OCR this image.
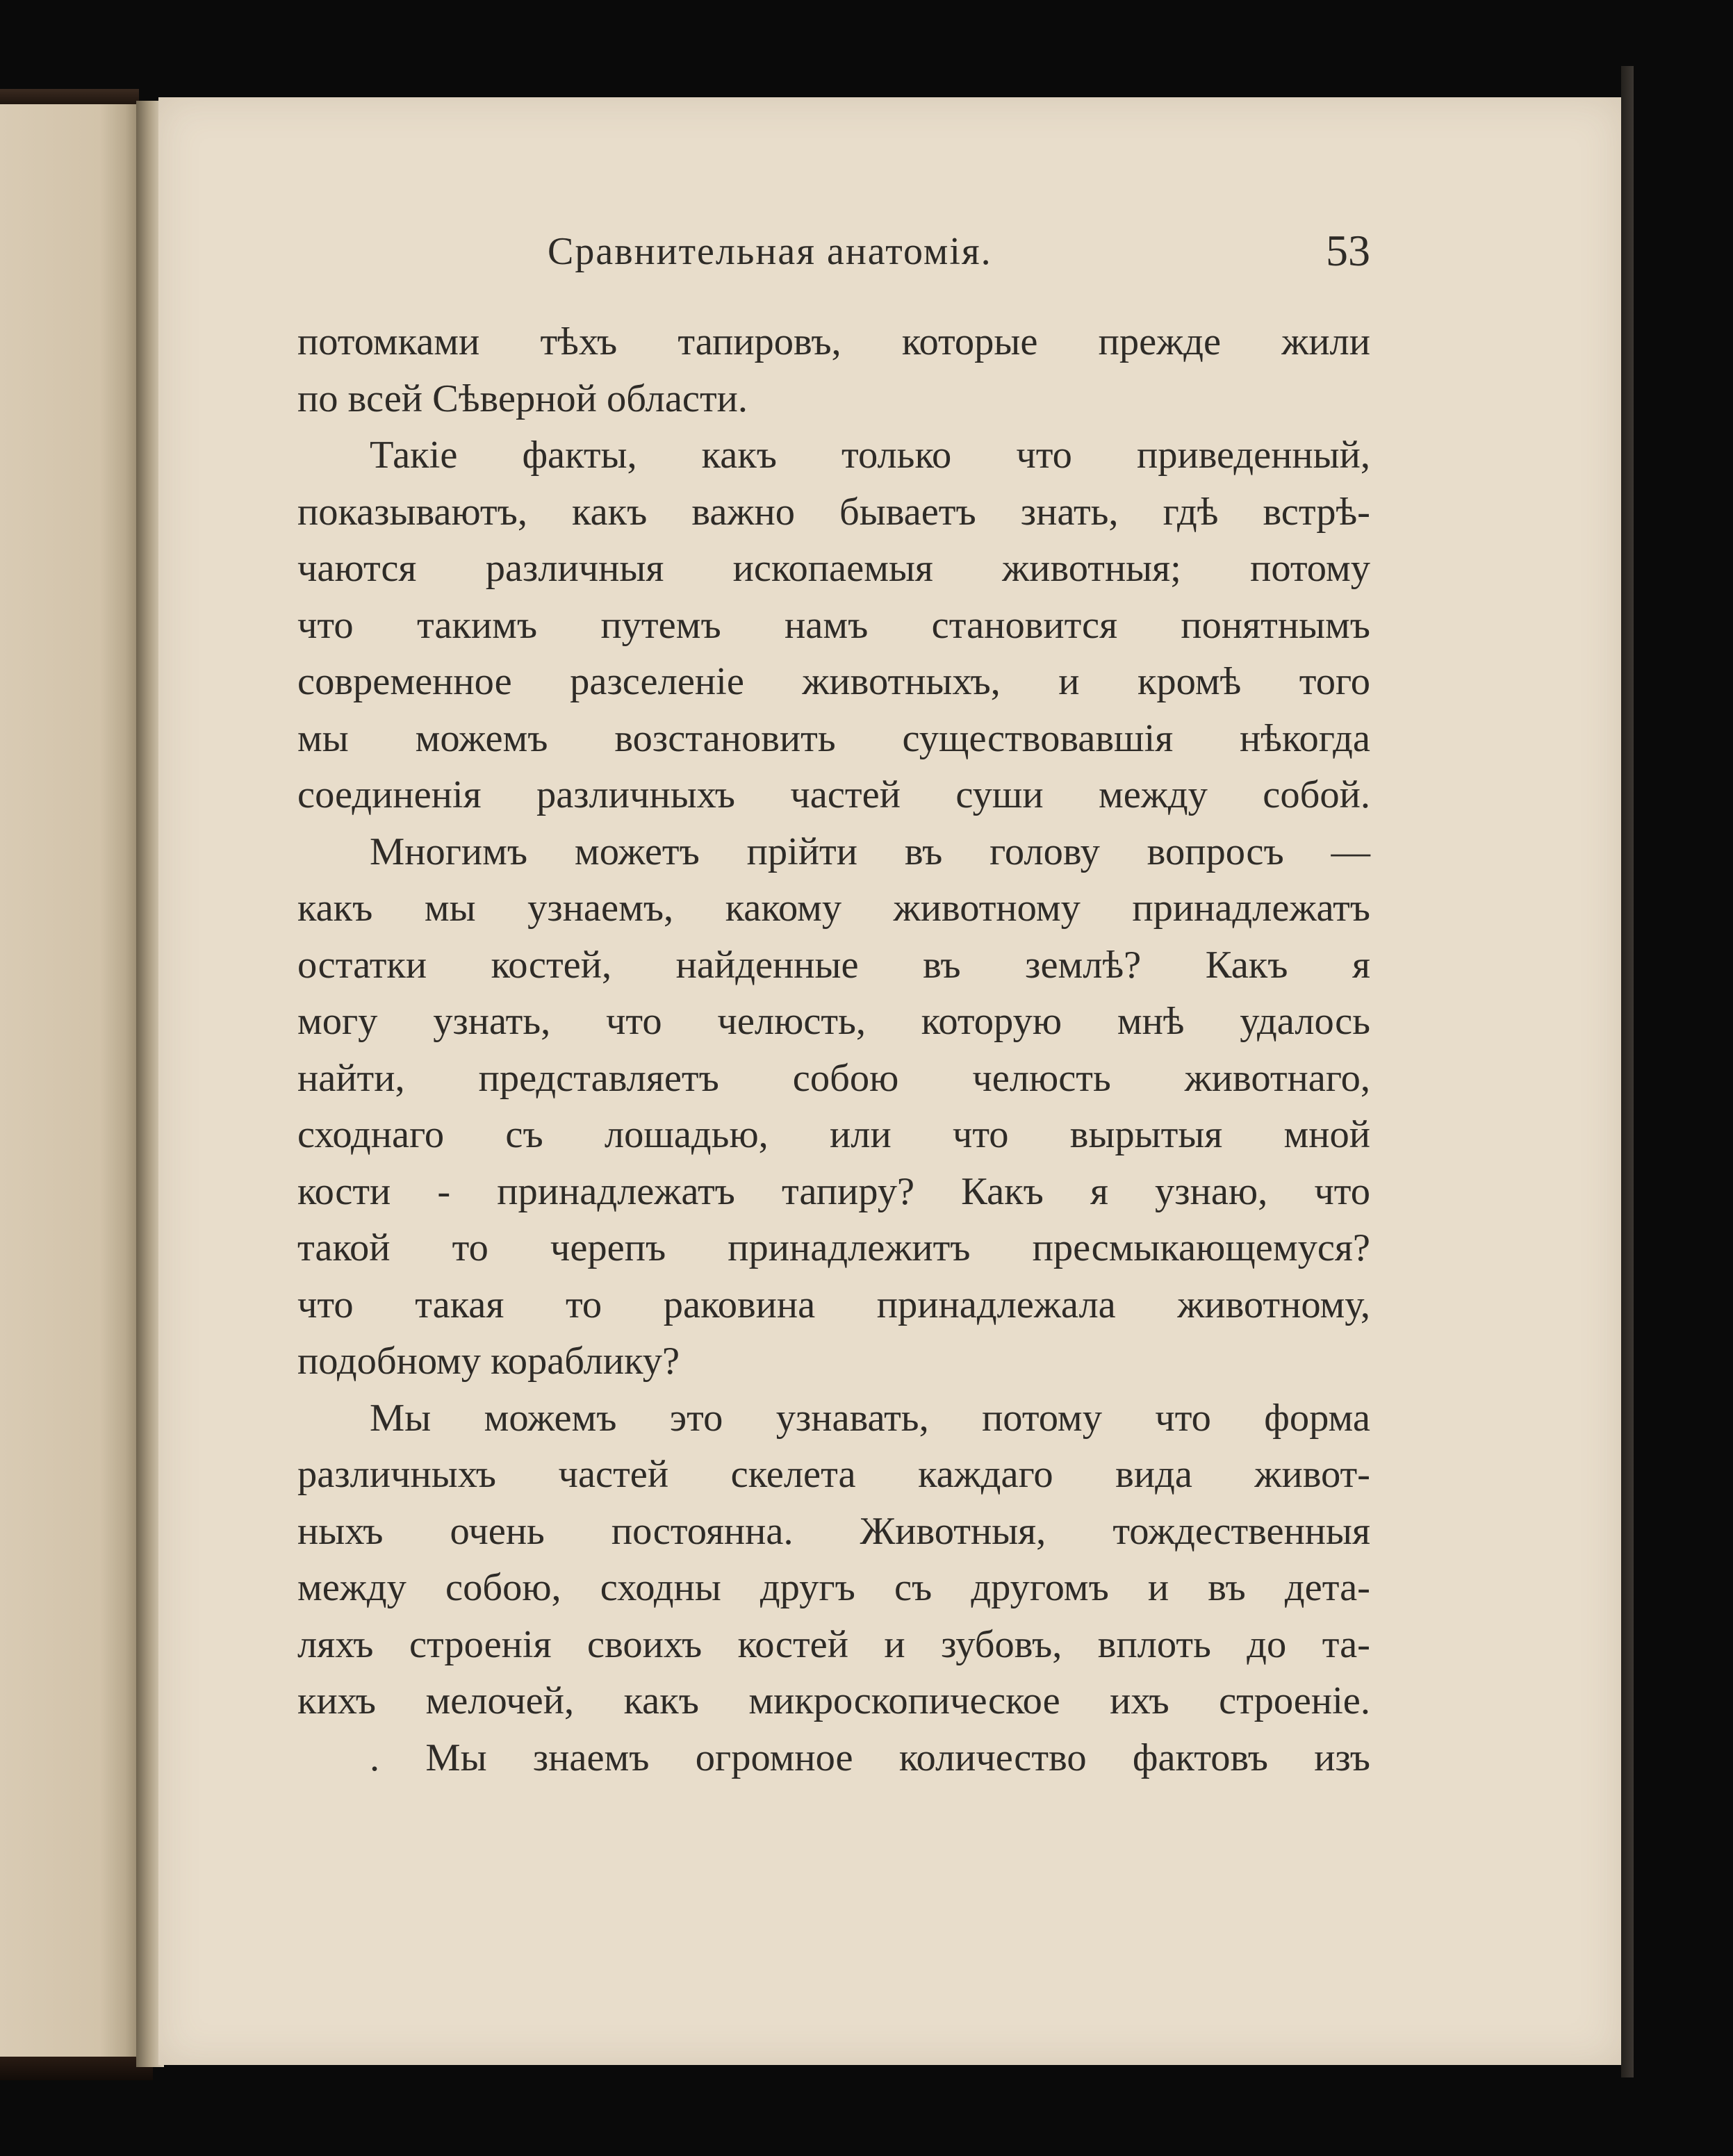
Сравнительная анатомія.	53
потомками тѣхъ тапировъ, которые прежде жили
по всей Сѣверной области.
Такіе факты, какъ только что приведенный,
показываютъ, какъ важно бываетъ знать, гдѣ встрѣ-
чаются различныя ископаемыя животныя; потому
что такимъ путемъ намъ становится понятнымъ
современное разселеніе животныхъ, и кромѣ того
мы можемъ возстановить существовавшія нѣкогда
соединенія различныхъ частей суши между собой.
Многимъ можетъ прійти въ голову вопросъ —
какъ мы узнаемъ, какому животному принадлежатъ
остатки костей, найденные въ землѣ? Какъ я
могу узнать, что челюсть, которую мнѣ удалось
найти, представляетъ собою челюсть животнаго,
сходнаго съ лошадью, или что вырытыя мной
кости - принадлежатъ тапиру? Какъ я узнаю, что
такой то черепъ принадлежитъ пресмыкающемуся?
что такая то раковина принадлежала животному,
подобному кораблику?
Мы можемъ это узнавать, потому что форма
различныхъ частей скелета каждаго вида живот-
ныхъ очень постоянна. Животныя, тождественныя
между собою, сходны другъ съ другомъ и въ дета-
ляхъ строенія своихъ костей и зубовъ, вплоть до та-
кихъ мелочей, какъ микроскопическое ихъ строеніе.
. Мы знаемъ огромное количество фактовъ изъ
